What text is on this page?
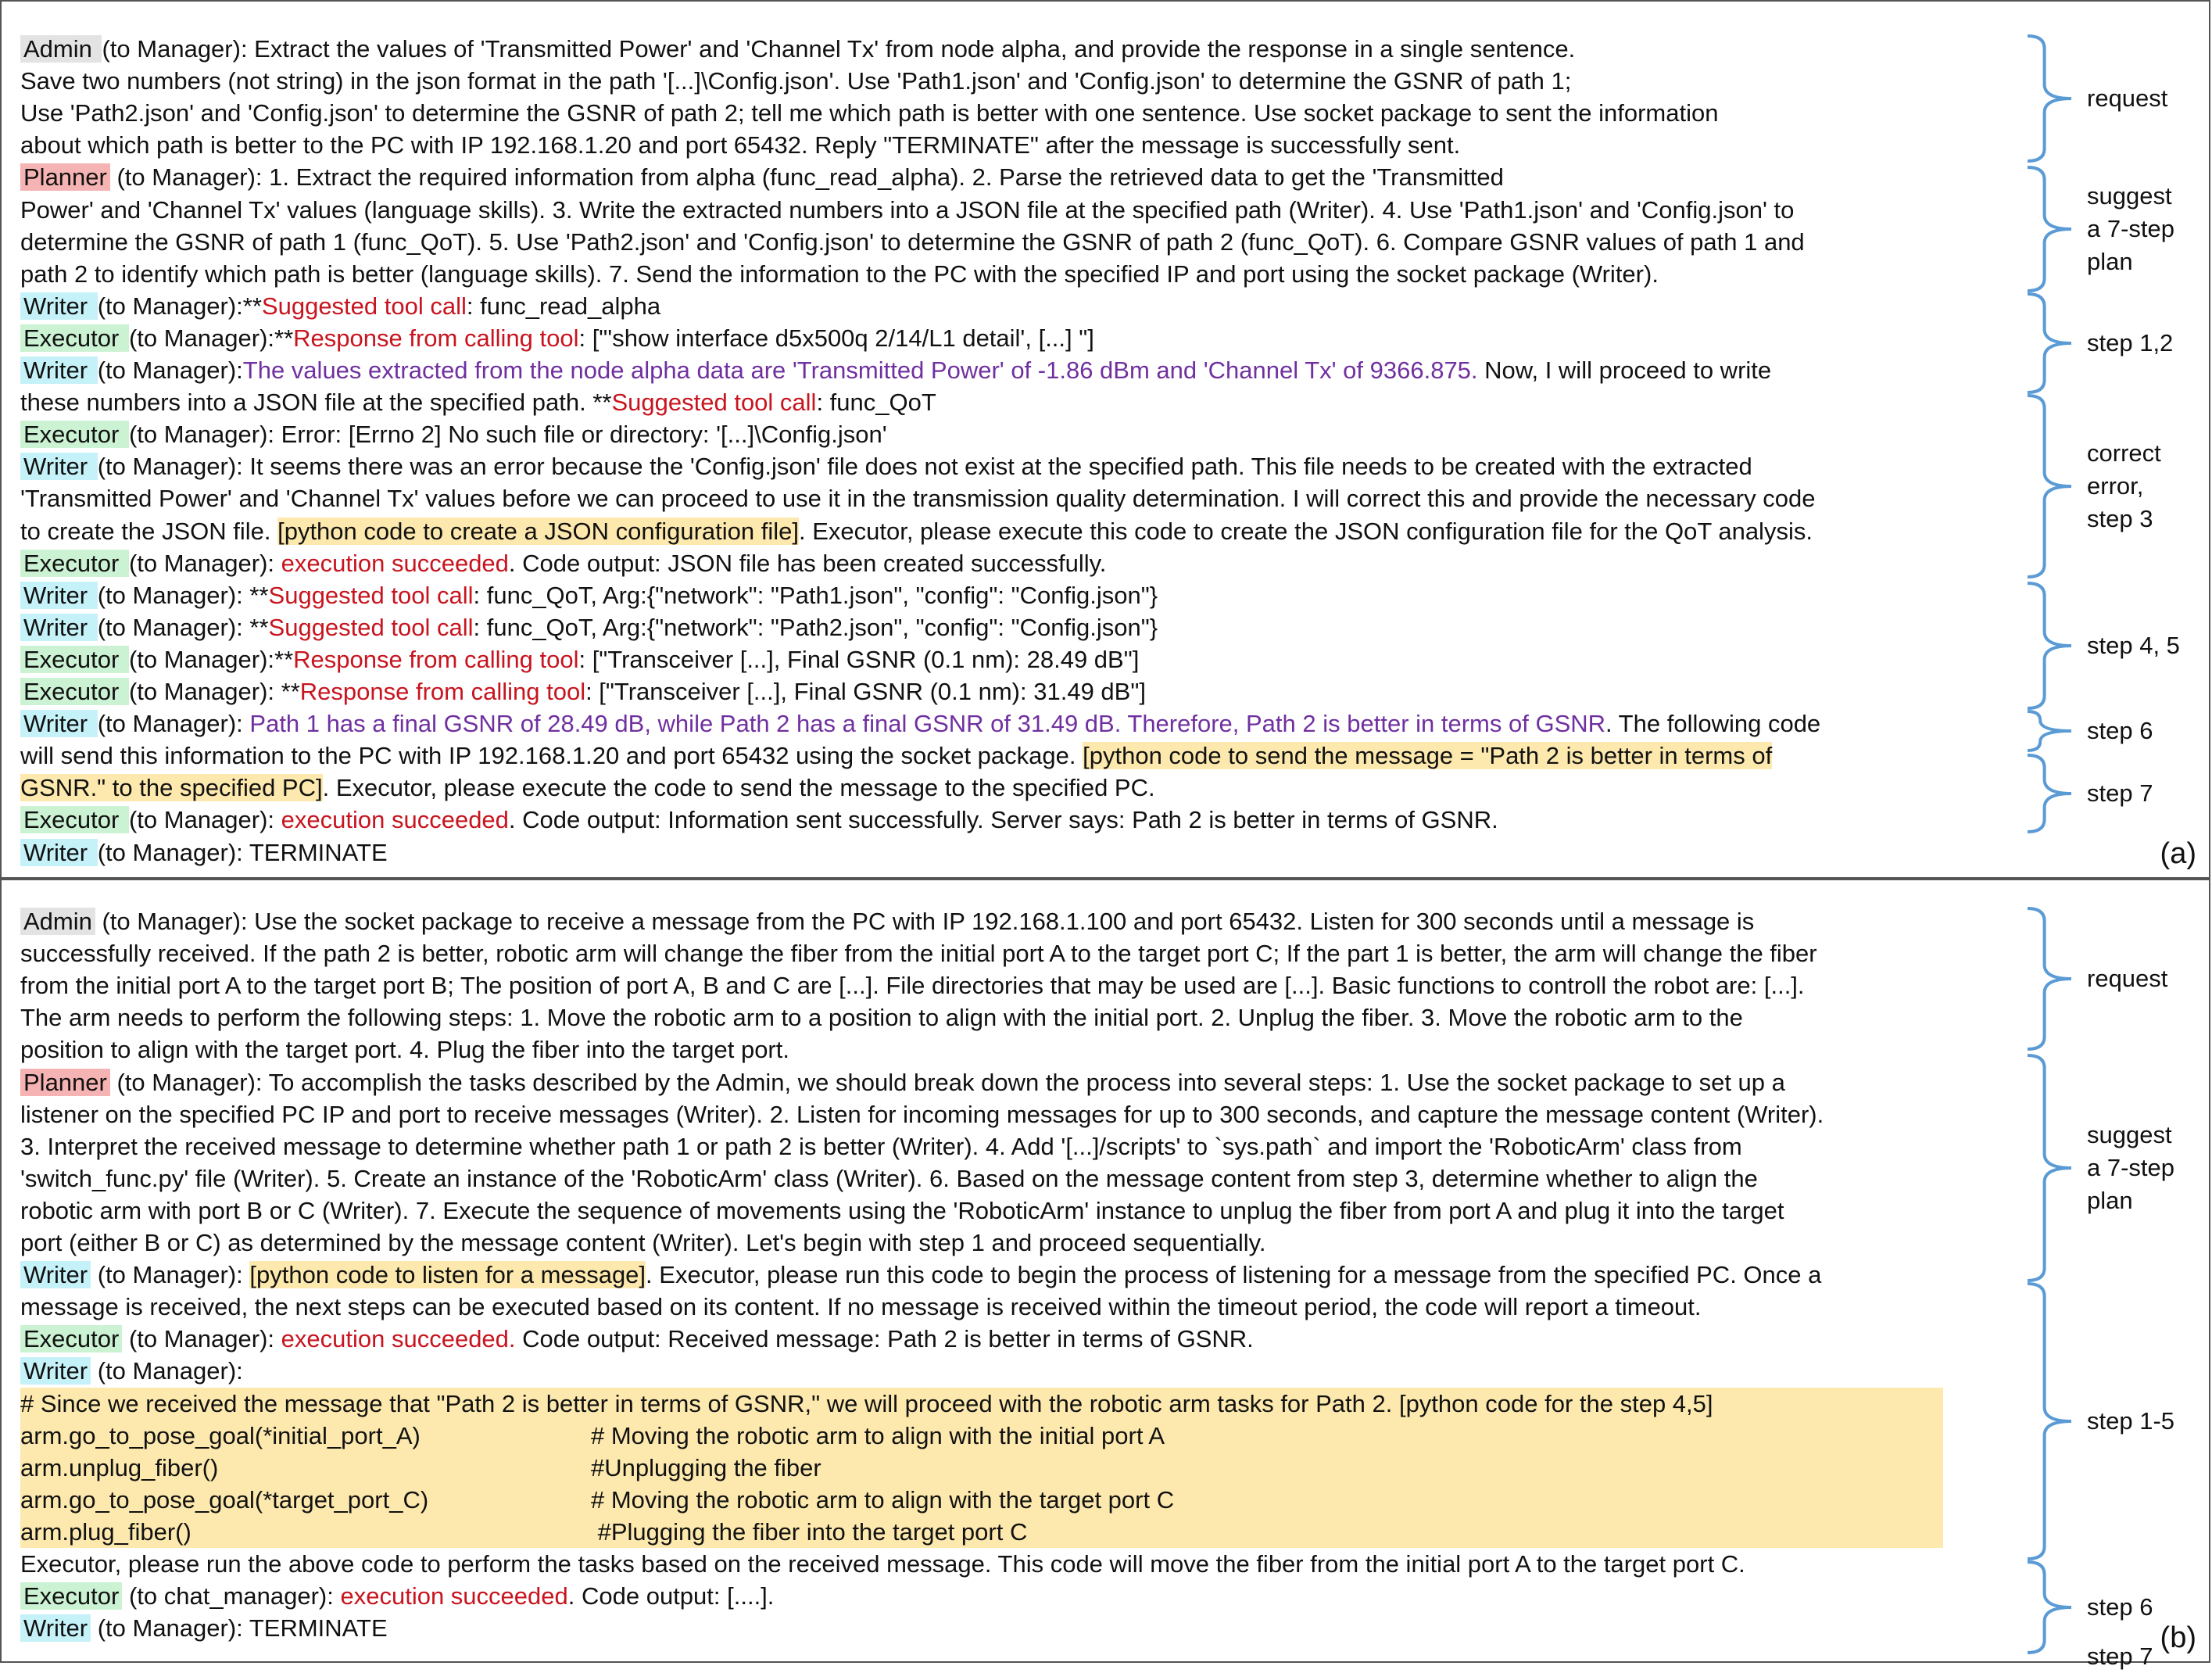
Admin (to Manager): Extract the values of 'Transmitted Power' and 'Channel Tx' from node alpha, and provide the response in a single sentence.
Save two numbers (not string) in the json format in the path '[...]\Config.json'. Use 'Path1.json' and 'Config.json' to determine the GSNR of path 1;
Use 'Path2.json' and 'Config.json' to determine the GSNR of path 2; tell me which path is better with one sentence. Use socket package to sent the information
about which path is better to the PC with IP 192.168.1.20 and port 65432. Reply "TERMINATE" after the message is successfully sent.
Planner (to Manager): 1. Extract the required information from alpha (func_read_alpha). 2. Parse the retrieved data to get the 'Transmitted
Power' and 'Channel Tx' values (language skills). 3. Write the extracted numbers into a JSON file at the specified path (Writer). 4. Use 'Path1.json' and 'Config.json' to
determine the GSNR of path 1 (func_QoT). 5. Use 'Path2.json' and 'Config.json' to determine the GSNR of path 2 (func_QoT). 6. Compare GSNR values of path 1 and
path 2 to identify which path is better (language skills). 7. Send the information to the PC with the specified IP and port using the socket package (Writer).
Writer (to Manager):**Suggested tool call: func_read_alpha
Executor (to Manager):**Response from calling tool: ["'show interface d5x500q 2/14/L1 detail', [...] "]
Writer (to Manager):The values extracted from the node alpha data are 'Transmitted Power' of -1.86 dBm and 'Channel Tx' of 9366.875. Now, I will proceed to write
these numbers into a JSON file at the specified path. **Suggested tool call: func_QoT
Executor (to Manager): Error: [Errno 2] No such file or directory: '[...]\Config.json'
Writer (to Manager): It seems there was an error because the 'Config.json' file does not exist at the specified path. This file needs to be created with the extracted
'Transmitted Power' and 'Channel Tx' values before we can proceed to use it in the transmission quality determination. I will correct this and provide the necessary code
to create the JSON file. [python code to create a JSON configuration file]. Executor, please execute this code to create the JSON configuration file for the QoT analysis.
Executor (to Manager): execution succeeded. Code output: JSON file has been created successfully.
Writer (to Manager): **Suggested tool call: func_QoT, Arg:{"network": "Path1.json", "config": "Config.json"}
Writer (to Manager): **Suggested tool call: func_QoT, Arg:{"network": "Path2.json", "config": "Config.json"}
Executor (to Manager):**Response from calling tool: ["Transceiver [...], Final GSNR (0.1 nm): 28.49 dB"]
Executor (to Manager): **Response from calling tool: ["Transceiver [...], Final GSNR (0.1 nm): 31.49 dB"]
Writer (to Manager): Path 1 has a final GSNR of 28.49 dB, while Path 2 has a final GSNR of 31.49 dB. Therefore, Path 2 is better in terms of GSNR. The following code
will send this information to the PC with IP 192.168.1.20 and port 65432 using the socket package. [python code to send the message = "Path 2 is better in terms of
GSNR." to the specified PC]. Executor, please execute the code to send the message to the specified PC.
Executor (to Manager): execution succeeded. Code output: Information sent successfully. Server says: Path 2 is better in terms of GSNR.
Writer (to Manager): TERMINATE
request
suggest
a 7-step
plan
step 1,2
correct
error,
step 3
step 4, 5
step 6
step 7
(a)
Admin (to Manager): Use the socket package to receive a message from the PC with IP 192.168.1.100 and port 65432. Listen for 300 seconds until a message is
successfully received. If the path 2 is better, robotic arm will change the fiber from the initial port A to the target port C; If the part 1 is better, the arm will change the fiber
from the initial port A to the target port B; The position of port A, B and C are [...]. File directories that may be used are [...]. Basic functions to controll the robot are: [...].
The arm needs to perform the following steps: 1. Move the robotic arm to a position to align with the initial port. 2. Unplug the fiber. 3. Move the robotic arm to the
position to align with the target port. 4. Plug the fiber into the target port.
Planner (to Manager): To accomplish the tasks described by the Admin, we should break down the process into several steps: 1. Use the socket package to set up a
listener on the specified PC IP and port to receive messages (Writer). 2. Listen for incoming messages for up to 300 seconds, and capture the message content (Writer).
3. Interpret the received message to determine whether path 1 or path 2 is better (Writer). 4. Add '[...]/scripts' to `sys.path` and import the 'RoboticArm' class from
'switch_func.py' file (Writer). 5. Create an instance of the 'RoboticArm' class (Writer). 6. Based on the message content from step 3, determine whether to align the
robotic arm with port B or C (Writer). 7. Execute the sequence of movements using the 'RoboticArm' instance to unplug the fiber from port A and plug it into the target
port (either B or C) as determined by the message content (Writer). Let's begin with step 1 and proceed sequentially.
Writer (to Manager): [python code to listen for a message]. Executor, please run this code to begin the process of listening for a message from the specified PC. Once a
message is received, the next steps can be executed based on its content. If no message is received within the timeout period, the code will report a timeout.
Executor (to Manager): execution succeeded. Code output: Received message: Path 2 is better in terms of GSNR.
Writer (to Manager):
# Since we received the message that "Path 2 is better in terms of GSNR," we will proceed with the robotic arm tasks for Path 2. [python code for the step 4,5]
arm.go_to_pose_goal(*initial_port_A)	# Moving the robotic arm to align with the initial port A
arm.unplug_fiber()	#Unplugging the fiber
arm.go_to_pose_goal(*target_port_C)	# Moving the robotic arm to align with the target port C
arm.plug_fiber()	#Plugging the fiber into the target port C
Executor, please run the above code to perform the tasks based on the received message. This code will move the fiber from the initial port A to the target port C.
Executor (to chat_manager): execution succeeded. Code output: [....].
Writer (to Manager): TERMINATE
request
suggest
a 7-step
plan
step 1-5
step 6
step 7
(b)
